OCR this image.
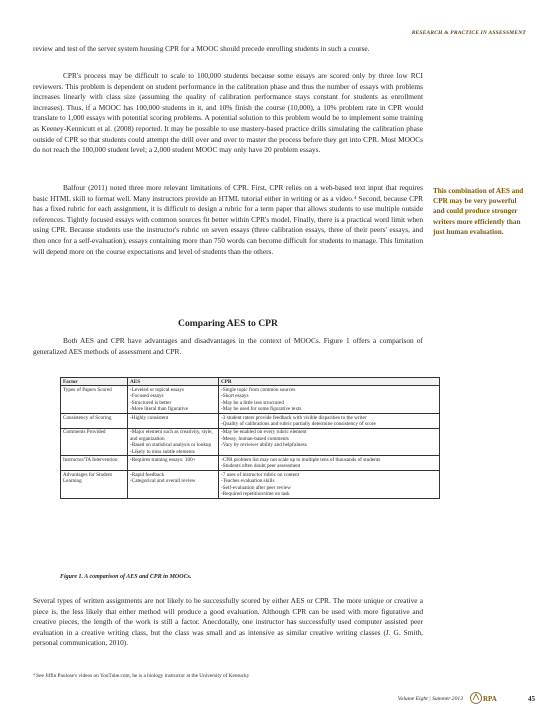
RESEARCH & PRACTICE IN ASSESSMENT

review and test of the server system housing CPR for a MOOC should precede enrolling students in such a course.

CPR's process may be difficult to scale to 100,000 students because some essays are scored only by three low RCI reviewers. This problem is dependent on student performance in the calibration phase and thus the number of essays with problems increases linearly with class size (assuming the quality of calibration performance stays constant for students as enrollment increases). Thus, if a MOOC has 100,000 students in it, and 10% finish the course (10,000), a 10% problem rate in CPR would translate to 1,000 essays with potential scoring problems. A potential solution to this problem would be to implement some training as Keeney-Kennicutt et al. (2008) reported. It may be possible to use mastery-based practice drills simulating the calibration phase outside of CPR so that students could attempt the drill over and over to master the process before they get into CPR. Most MOOCs do not reach the 100,000 student level; a 2,000 student MOOC may only have 20 problem essays.

Balfour (2011) noted three more relevant limitations of CPR. First, CPR relies on a web-based text input that requires basic HTML skill to format well. Many instructors provide an HTML tutorial either in writing or as a video.⁴ Second, because CPR has a fixed rubric for each assignment, it is difficult to design a rubric for a term paper that allows students to use multiple outside references. Tightly focused essays with common sources fit better within CPR's model. Finally, there is a practical word limit when using CPR. Because students use the instructor's rubric on seven essays (three calibration essays, three of their peers' essays, and then once for a self-evaluation), essays containing more than 750 words can become difficult for students to manage. This limitation will depend more on the course expectations and level of students than the others.

This combination of AES and CPR may be very powerful and could produce stronger writers more efficiently than just human evaluation.
Comparing AES to CPR

Both AES and CPR have advantages and disadvantages in the context of MOOCs. Figure 1 offers a comparison of generalized AES methods of assessment and CPR.

Factor	AES	CPR
Types of Papers Scored	-Leveled or topical essays
-Focused essays
-Structured is better
-More literal than figurative	-Single topic from common sources
-Short essays
-May be a little less structured
-May be used for some figurative texts
Consistency of Scoring	-Highly consistent	-3 student raters provide feedback with visible disparities to the writer
-Quality of calibrations and rubric partially determine consistency of score
Comments Provided	-Major element such as creativity, style, and organization
-Based on statistical analysis or lookup
-Likely to miss subtle elements	-May be enabled on every rubric element
-Messy, human-based comments
-Vary by reviewer ability and helpfulness
Instructor/TA Intervention	-Requires training essays: 100+	-CPR problem list may not scale up to multiple tens of thousands of students
-Students often doubt peer assessment
Advantages for Student Learning	-Rapid feedback
-Categorical and overall review	-7 uses of instructor rubric on content
-Teaches evaluation skills
-Self-evaluation after peer review
-Required repetition/time on task
Figure 1. A comparison of AES and CPR in MOOCs.

Several types of written assignments are not likely to be successfully scored by either AES or CPR. The more unique or creative a piece is, the less likely that either method will produce a good evaluation. Although CPR can be used with more figurative and creative pieces, the length of the work is still a factor. Anecdotally, one instructor has successfully used computer assisted peer evaluation in a creative writing class, but the class was small and as intensive as similar creative writing classes (J. G. Smith, personal communication, 2010).

⁴ See Jiffin Paulose's videos on YouTube.com, he is a biology instructor at the University of Kentucky
Volume Eight | Summer 2013	RPA	45
